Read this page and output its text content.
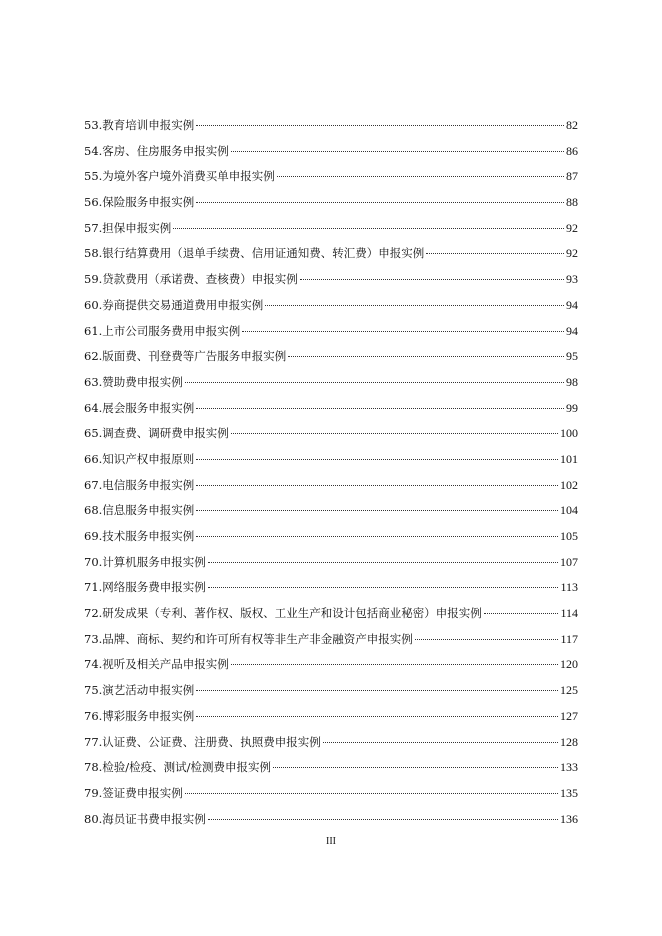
53.教育培训申报实例	82
54.客房、住房服务申报实例	86
55.为境外客户境外消费买单申报实例	87
56.保险服务申报实例	88
57.担保申报实例	92
58.银行结算费用（退单手续费、信用证通知费、转汇费）申报实例	92
59.贷款费用（承诺费、查核费）申报实例	93
60.券商提供交易通道费用申报实例	94
61.上市公司服务费用申报实例	94
62.版面费、刊登费等广告服务申报实例	95
63.赞助费申报实例	98
64.展会服务申报实例	99
65.调查费、调研费申报实例	100
66.知识产权申报原则	101
67.电信服务申报实例	102
68.信息服务申报实例	104
69.技术服务申报实例	105
70.计算机服务申报实例	107
71.网络服务费申报实例	113
72.研发成果（专利、著作权、版权、工业生产和设计包括商业秘密）申报实例	114
73.品牌、商标、契约和许可所有权等非生产非金融资产申报实例	117
74.视听及相关产品申报实例	120
75.演艺活动申报实例	125
76.博彩服务申报实例	127
77.认证费、公证费、注册费、执照费申报实例	128
78.检验/检疫、测试/检测费申报实例	133
79.签证费申报实例	135
80.海员证书费申报实例	136
III
